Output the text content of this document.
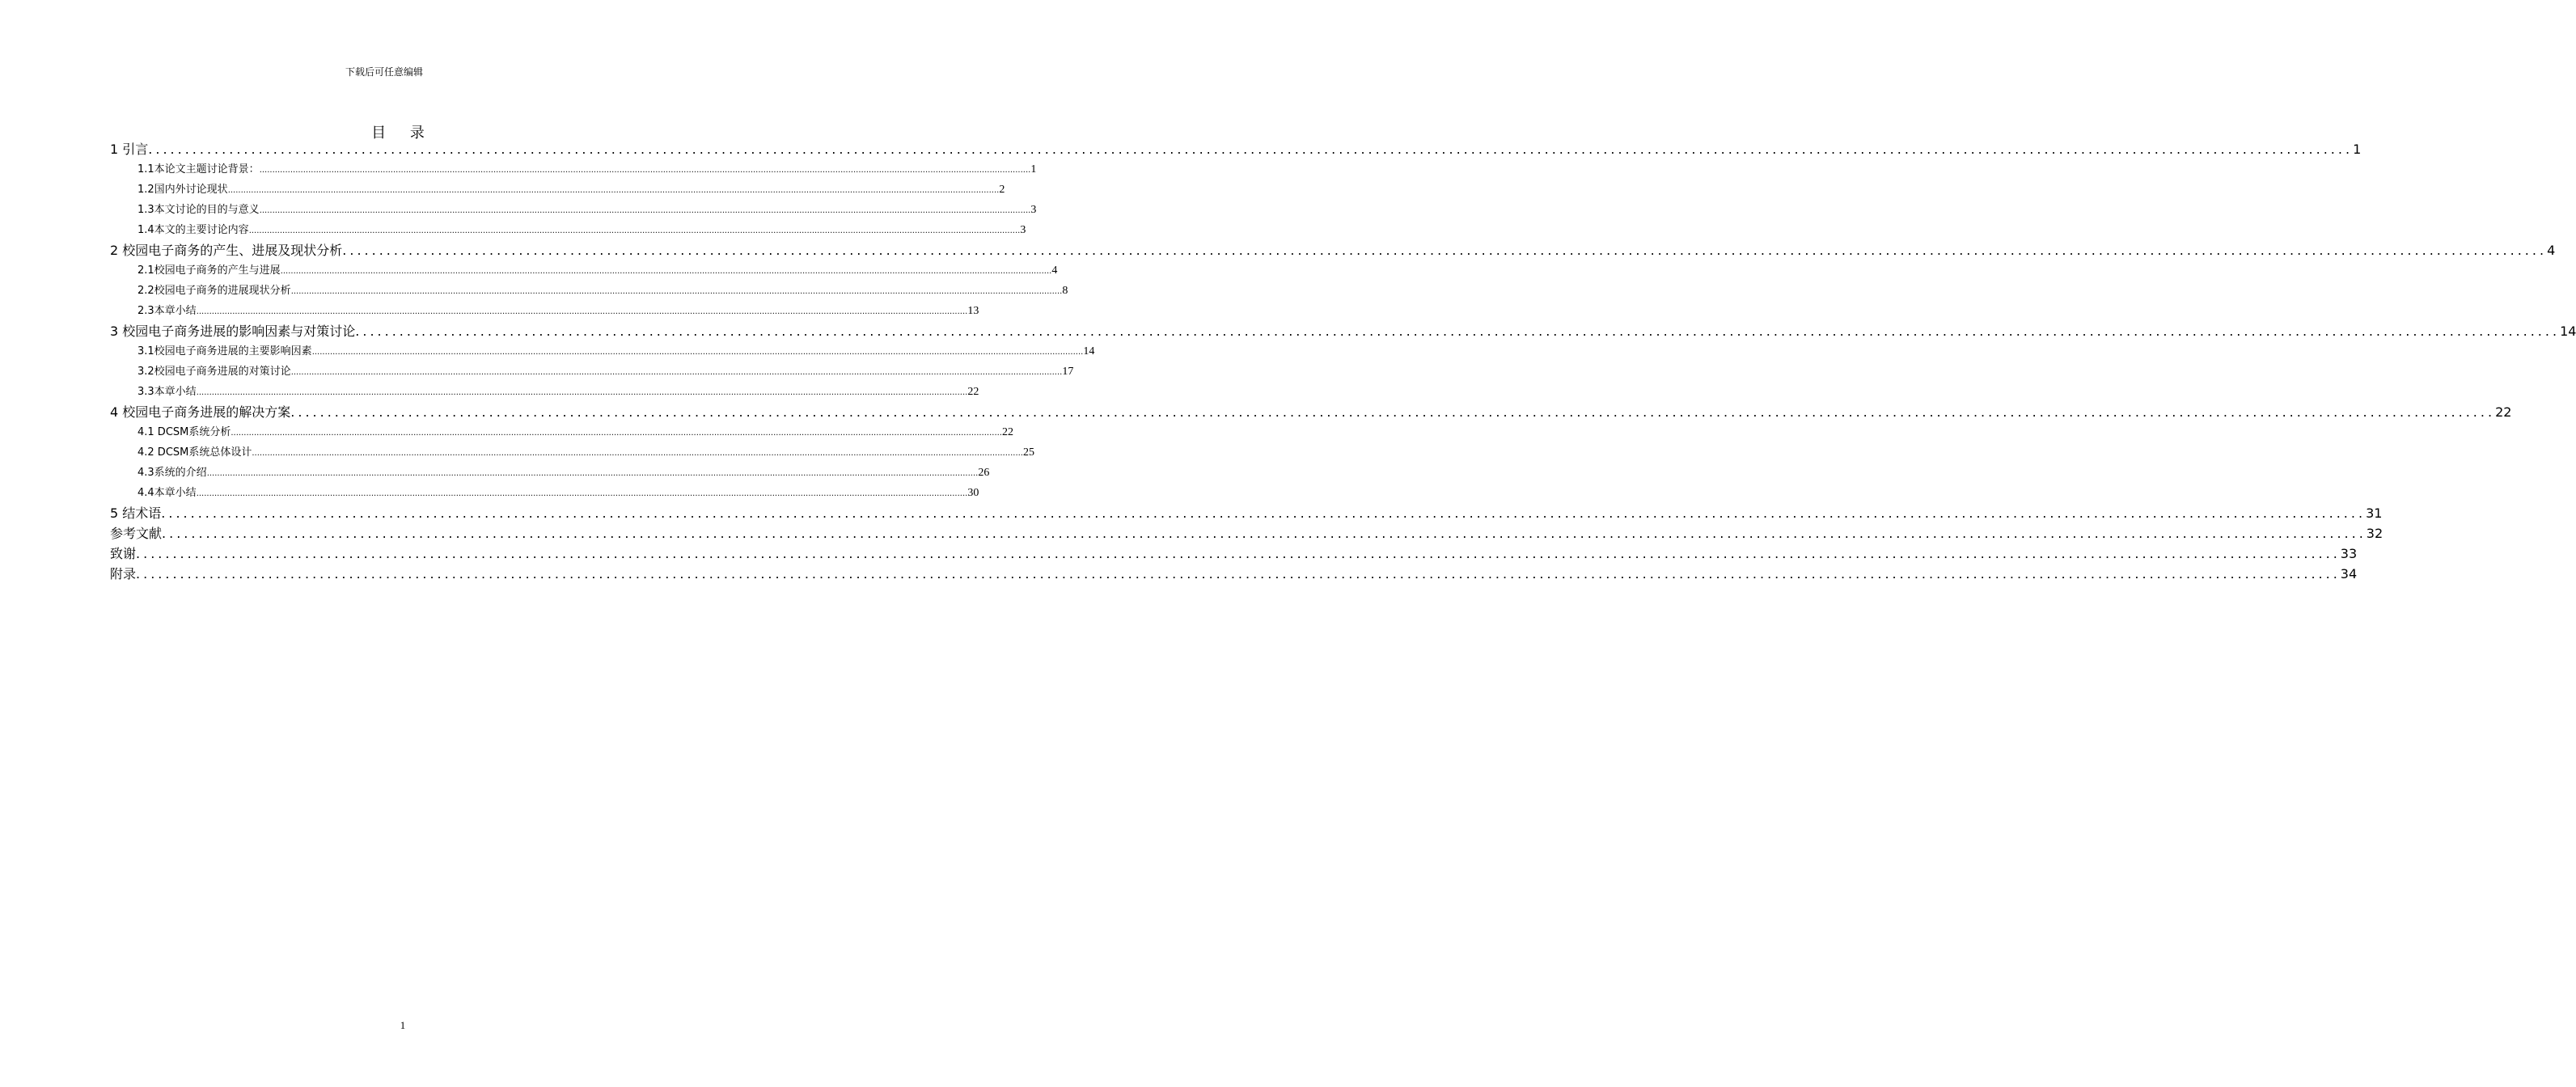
下载后可任意编辑
目 录
1 引言 ............................................................................................................................................................................................................................................................................................................ 1
1.1本论文主题讨论背景： ............................................................................................................................................................................................................................................................................................................ 1
1.2国内外讨论现状 ............................................................................................................................................................................................................................................................................................................ 2
1.3本文讨论的目的与意义 ............................................................................................................................................................................................................................................................................................................ 3
1.4本文的主要讨论内容 ............................................................................................................................................................................................................................................................................................................ 3
2 校园电子商务的产生、进展及现状分析 ............................................................................................................................................................................................................................................................................................................ 4
2.1校园电子商务的产生与进展 ............................................................................................................................................................................................................................................................................................................ 4
2.2校园电子商务的进展现状分析 ............................................................................................................................................................................................................................................................................................................ 8
2.3本章小结 ............................................................................................................................................................................................................................................................................................................ 13
3 校园电子商务进展的影响因素与对策讨论 ............................................................................................................................................................................................................................................................................................................ 14
3.1校园电子商务进展的主要影响因素 ............................................................................................................................................................................................................................................................................................................ 14
3.2校园电子商务进展的对策讨论 ............................................................................................................................................................................................................................................................................................................ 17
3.3本章小结 ............................................................................................................................................................................................................................................................................................................ 22
4 校园电子商务进展的解决方案 ............................................................................................................................................................................................................................................................................................................ 22
4.1 DCSM系统分析 ............................................................................................................................................................................................................................................................................................................ 22
4.2 DCSM系统总体设计 ............................................................................................................................................................................................................................................................................................................ 25
4.3系统的介绍 ............................................................................................................................................................................................................................................................................................................ 26
4.4本章小结 ............................................................................................................................................................................................................................................................................................................ 30
5 结术语 ............................................................................................................................................................................................................................................................................................................ 31
参考文献 ............................................................................................................................................................................................................................................................................................................ 32
致谢 ............................................................................................................................................................................................................................................................................................................ 33
附录 ............................................................................................................................................................................................................................................................................................................ 34
1
